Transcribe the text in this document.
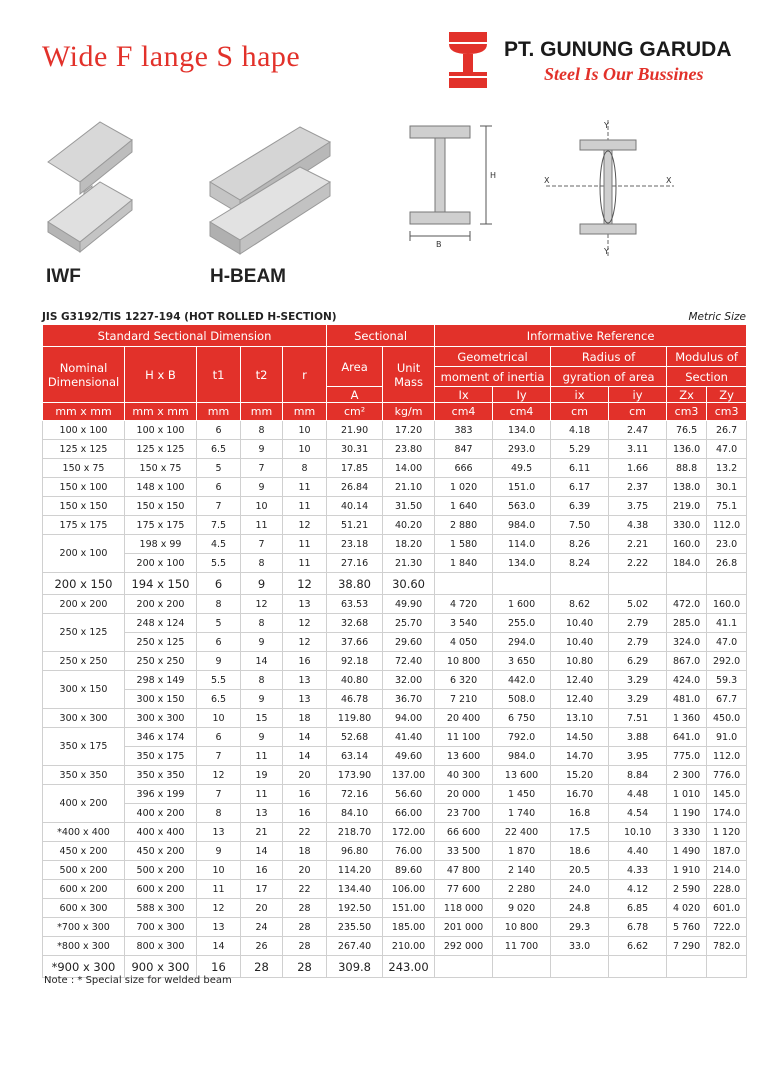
Wide F lange S hape	PT. GUNUNG GARUDA
Steel Is Our Bussines
IWF	H-BEAM
H
B
Y
X	X
Y
JIS G3192/TIS 1227-194 (HOT ROLLED H-SECTION)	Metric Size
Standard Sectional Dimension					Sectional		Informative Reference					
Nominal Dimensional	H x B	t1	t2	r	Area	Unit Mass	Geometrical		Radius of		Modulus of	
							moment of inertia		gyration of area		Section	
					A		Ix	Iy	ix	iy	Zx	Zy
mm x mm	mm x mm	mm	mm	mm	cm²	kg/m	cm4	cm4	cm	cm	cm3	cm3
100 x 100	100 x 100	6	8	10	21.90	17.20	383	134.0	4.18	2.47	76.5	26.7
125 x 125	125 x 125	6.5	9	10	30.31	23.80	847	293.0	5.29	3.11	136.0	47.0
150 x 75	150 x 75	5	7	8	17.85	14.00	666	49.5	6.11	1.66	88.8	13.2
150 x 100	148 x 100	6	9	11	26.84	21.10	1 020	151.0	6.17	2.37	138.0	30.1
150 x 150	150 x 150	7	10	11	40.14	31.50	1 640	563.0	6.39	3.75	219.0	75.1
175 x 175	175 x 175	7.5	11	12	51.21	40.20	2 880	984.0	7.50	4.38	330.0	112.0
200 x 100	198 x 99	4.5	7	11	23.18	18.20	1 580	114.0	8.26	2.21	160.0	23.0
	200 x 100	5.5	8	11	27.16	21.30	1 840	134.0	8.24	2.22	184.0	26.8
200 x 150	194 x 150	6	9	12	38.80	30.60						
200 x 200	200 x 200	8	12	13	63.53	49.90	4 720	1 600	8.62	5.02	472.0	160.0
250 x 125	248 x 124	5	8	12	32.68	25.70	3 540	255.0	10.40	2.79	285.0	41.1
	250 x 125	6	9	12	37.66	29.60	4 050	294.0	10.40	2.79	324.0	47.0
250 x 250	250 x 250	9	14	16	92.18	72.40	10 800	3 650	10.80	6.29	867.0	292.0
300 x 150	298 x 149	5.5	8	13	40.80	32.00	6 320	442.0	12.40	3.29	424.0	59.3
	300 x 150	6.5	9	13	46.78	36.70	7 210	508.0	12.40	3.29	481.0	67.7
300 x 300	300 x 300	10	15	18	119.80	94.00	20 400	6 750	13.10	7.51	1 360	450.0
350 x 175	346 x 174	6	9	14	52.68	41.40	11 100	792.0	14.50	3.88	641.0	91.0
	350 x 175	7	11	14	63.14	49.60	13 600	984.0	14.70	3.95	775.0	112.0
350 x 350	350 x 350	12	19	20	173.90	137.00	40 300	13 600	15.20	8.84	2 300	776.0
400 x 200	396 x 199	7	11	16	72.16	56.60	20 000	1 450	16.70	4.48	1 010	145.0
	400 x 200	8	13	16	84.10	66.00	23 700	1 740	16.8	4.54	1 190	174.0
*400 x 400	400 x 400	13	21	22	218.70	172.00	66 600	22 400	17.5	10.10	3 330	1 120
450 x 200	450 x 200	9	14	18	96.80	76.00	33 500	1 870	18.6	4.40	1 490	187.0
500 x 200	500 x 200	10	16	20	114.20	89.60	47 800	2 140	20.5	4.33	1 910	214.0
600 x 200	600 x 200	11	17	22	134.40	106.00	77 600	2 280	24.0	4.12	2 590	228.0
600 x 300	588 x 300	12	20	28	192.50	151.00	118 000	9 020	24.8	6.85	4 020	601.0
*700 x 300	700 x 300	13	24	28	235.50	185.00	201 000	10 800	29.3	6.78	5 760	722.0
*800 x 300	800 x 300	14	26	28	267.40	210.00	292 000	11 700	33.0	6.62	7 290	782.0
*900 x 300	900 x 300	16	28	28	309.8	243.00						
Note : * Special size for welded beam
